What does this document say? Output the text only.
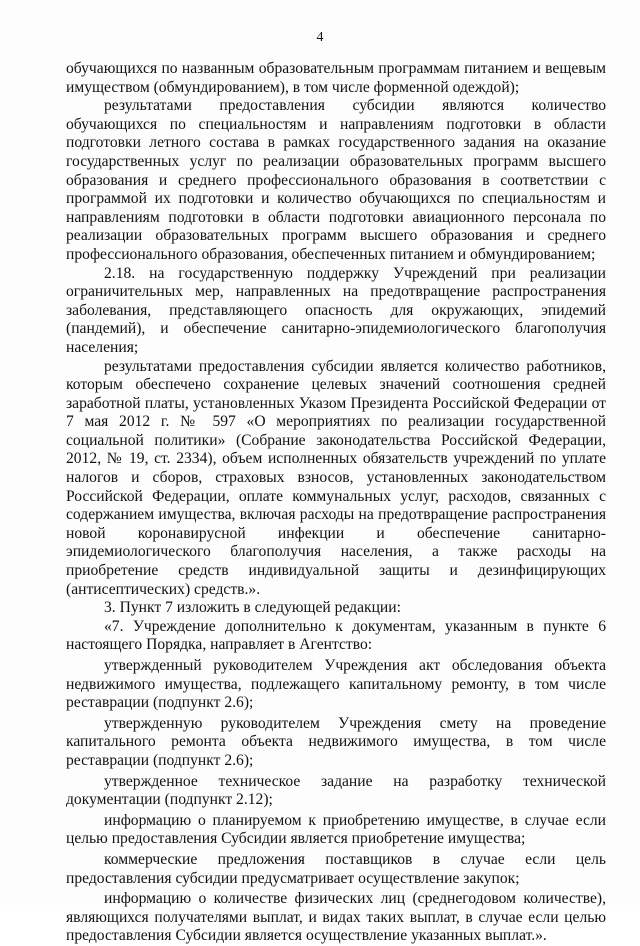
4

обучающихся по названным образовательным программам питанием и вещевым имуществом (обмундированием), в том числе форменной одеждой);

результатами предоставления субсидии являются количество обучающихся по специальностям и направлениям подготовки в области подготовки летного состава в рамках государственного задания на оказание государственных услуг по реализации образовательных программ высшего образования и среднего профессионального образования в соответствии с программой их подготовки и количество обучающихся по специальностям и направлениям подготовки в области подготовки авиационного персонала по реализации образовательных программ высшего образования и среднего профессионального образования, обеспеченных питанием и обмундированием;

2.18. на государственную поддержку Учреждений при реализации ограничительных мер, направленных на предотвращение распространения заболевания, представляющего опасность для окружающих, эпидемий (пандемий), и обеспечение санитарно-эпидемиологического благополучия населения;

результатами предоставления субсидии является количество работников, которым обеспечено сохранение целевых значений соотношения средней заработной платы, установленных Указом Президента Российской Федерации от 7 мая 2012 г. № 597 «О мероприятиях по реализации государственной социальной политики» (Собрание законодательства Российской Федерации, 2012, № 19, ст. 2334), объем исполненных обязательств учреждений по уплате налогов и сборов, страховых взносов, установленных законодательством Российской Федерации, оплате коммунальных услуг, расходов, связанных с содержанием имущества, включая расходы на предотвращение распространения новой коронавирусной инфекции и обеспечение санитарно-эпидемиологического благополучия населения, а также расходы на приобретение средств индивидуальной защиты и дезинфицирующих (антисептических) средств.».

3. Пункт 7 изложить в следующей редакции:

«7. Учреждение дополнительно к документам, указанным в пункте 6 настоящего Порядка, направляет в Агентство:

утвержденный руководителем Учреждения акт обследования объекта недвижимого имущества, подлежащего капитальному ремонту, в том числе реставрации (подпункт 2.6);

утвержденную руководителем Учреждения смету на проведение капитального ремонта объекта недвижимого имущества, в том числе реставрации (подпункт 2.6);

утвержденное техническое задание на разработку технической документации (подпункт 2.12);

информацию о планируемом к приобретению имуществе, в случае если целью предоставления Субсидии является приобретение имущества;

коммерческие предложения поставщиков в случае если цель предоставления субсидии предусматривает осуществление закупок;

информацию о количестве физических лиц (среднегодовом количестве), являющихся получателями выплат, и видах таких выплат, в случае если целью предоставления Субсидии является осуществление указанных выплат.».
